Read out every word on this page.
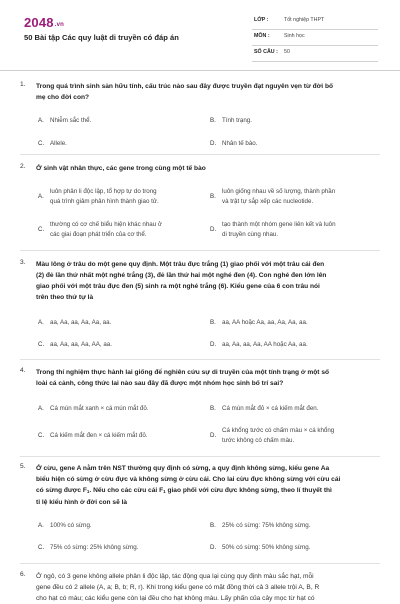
2048.vn
50 Bài tập Các quy luật di truyền có đáp án
LỚP :	Tốt nghiệp THPT
MÔN :	Sinh học
SỐ CÂU : 50
1. Trong quá trình sinh sản hữu tính, cấu trúc nào sau đây được truyền đạt nguyên vẹn từ đời bố
mẹ cho đời con?
A. Nhiễm sắc thể.	B. Tính trạng.
C. Allele.	D. Nhân tế bào.
2. Ở sinh vật nhân thực, các gene trong cùng một tế bào
A.
luôn phân li độc lập, tổ hợp tự do trong
quá trình giảm phân hình thành giao tử.
B.
luôn giống nhau về số lượng, thành phần
và trật tự sắp xếp các nucleotide.
C.
thường có cơ chế biểu hiện khác nhau ở
các giai đoạn phát triển của cơ thể.
D.
tạo thành một nhóm gene liên kết và luôn
di truyền cùng nhau.
3. Màu lông ở trâu do một gene quy định. Một trâu đực trắng (1) giao phối với một trâu cái đen
(2) đẻ lần thứ nhất một nghé trắng (3), đẻ lần thứ hai một nghé đen (4). Con nghé đen lớn lên
giao phối với một trâu đực đen (5) sinh ra một nghé trắng (6). Kiểu gene của 6 con trâu nói
trên theo thứ tự là
A. aa, Aa, aa, Aa, Aa, aa.	B. aa, AA hoặc Aa, aa, Aa, Aa, aa.
C. aa, Aa, aa, Aa, AA, aa.	D. aa, Aa, aa, Aa, AA hoặc Aa, aa.
4. Trong thí nghiệm thực hành lai giống để nghiên cứu sự di truyền của một tính trạng ở một số
loài cá cảnh, công thức lai nào sau đây đã được một nhóm học sinh bố trí sai?
A. Cá mún mắt xanh × cá mún mắt đỏ.	B. Cá mún mắt đỏ × cá kiếm mắt đen.
C. Cá kiếm mắt đen × cá kiếm mắt đỏ.	D.
Cá khổng tước có chấm màu × cá khổng
tước không có chấm màu.
5. Ở cừu, gene A nằm trên NST thường quy định có sừng, a quy định không sừng, kiểu gene Aa
biểu hiện có sừng ở cừu đực và không sừng ở cừu cái. Cho lai cừu đực không sừng với cừu cái
có sừng được $F_1$. Nếu cho các cừu cái $F_1$ giao phối với cừu đực không sừng, theo lí thuyết thì
tỉ lệ kiểu hình ở đời con sẽ là
A. 100% có sừng.	B. 25% có sừng: 75% không sừng.
C. 75% có sừng: 25% không sừng.	D. 50% có sừng: 50% không sừng.
6. Ở ngô, có 3 gene không allele phân li độc lập, tác động qua lại cùng quy định màu sắc hạt, mỗi
gene đều có 2 allele (A, a; B, b; R, r). Khi trong kiểu gene có mặt đồng thời cả 3 allele trội A, B, R
cho hạt có màu; các kiểu gene còn lại đều cho hạt không màu. Lấy phấn của cây mọc từ hạt có
